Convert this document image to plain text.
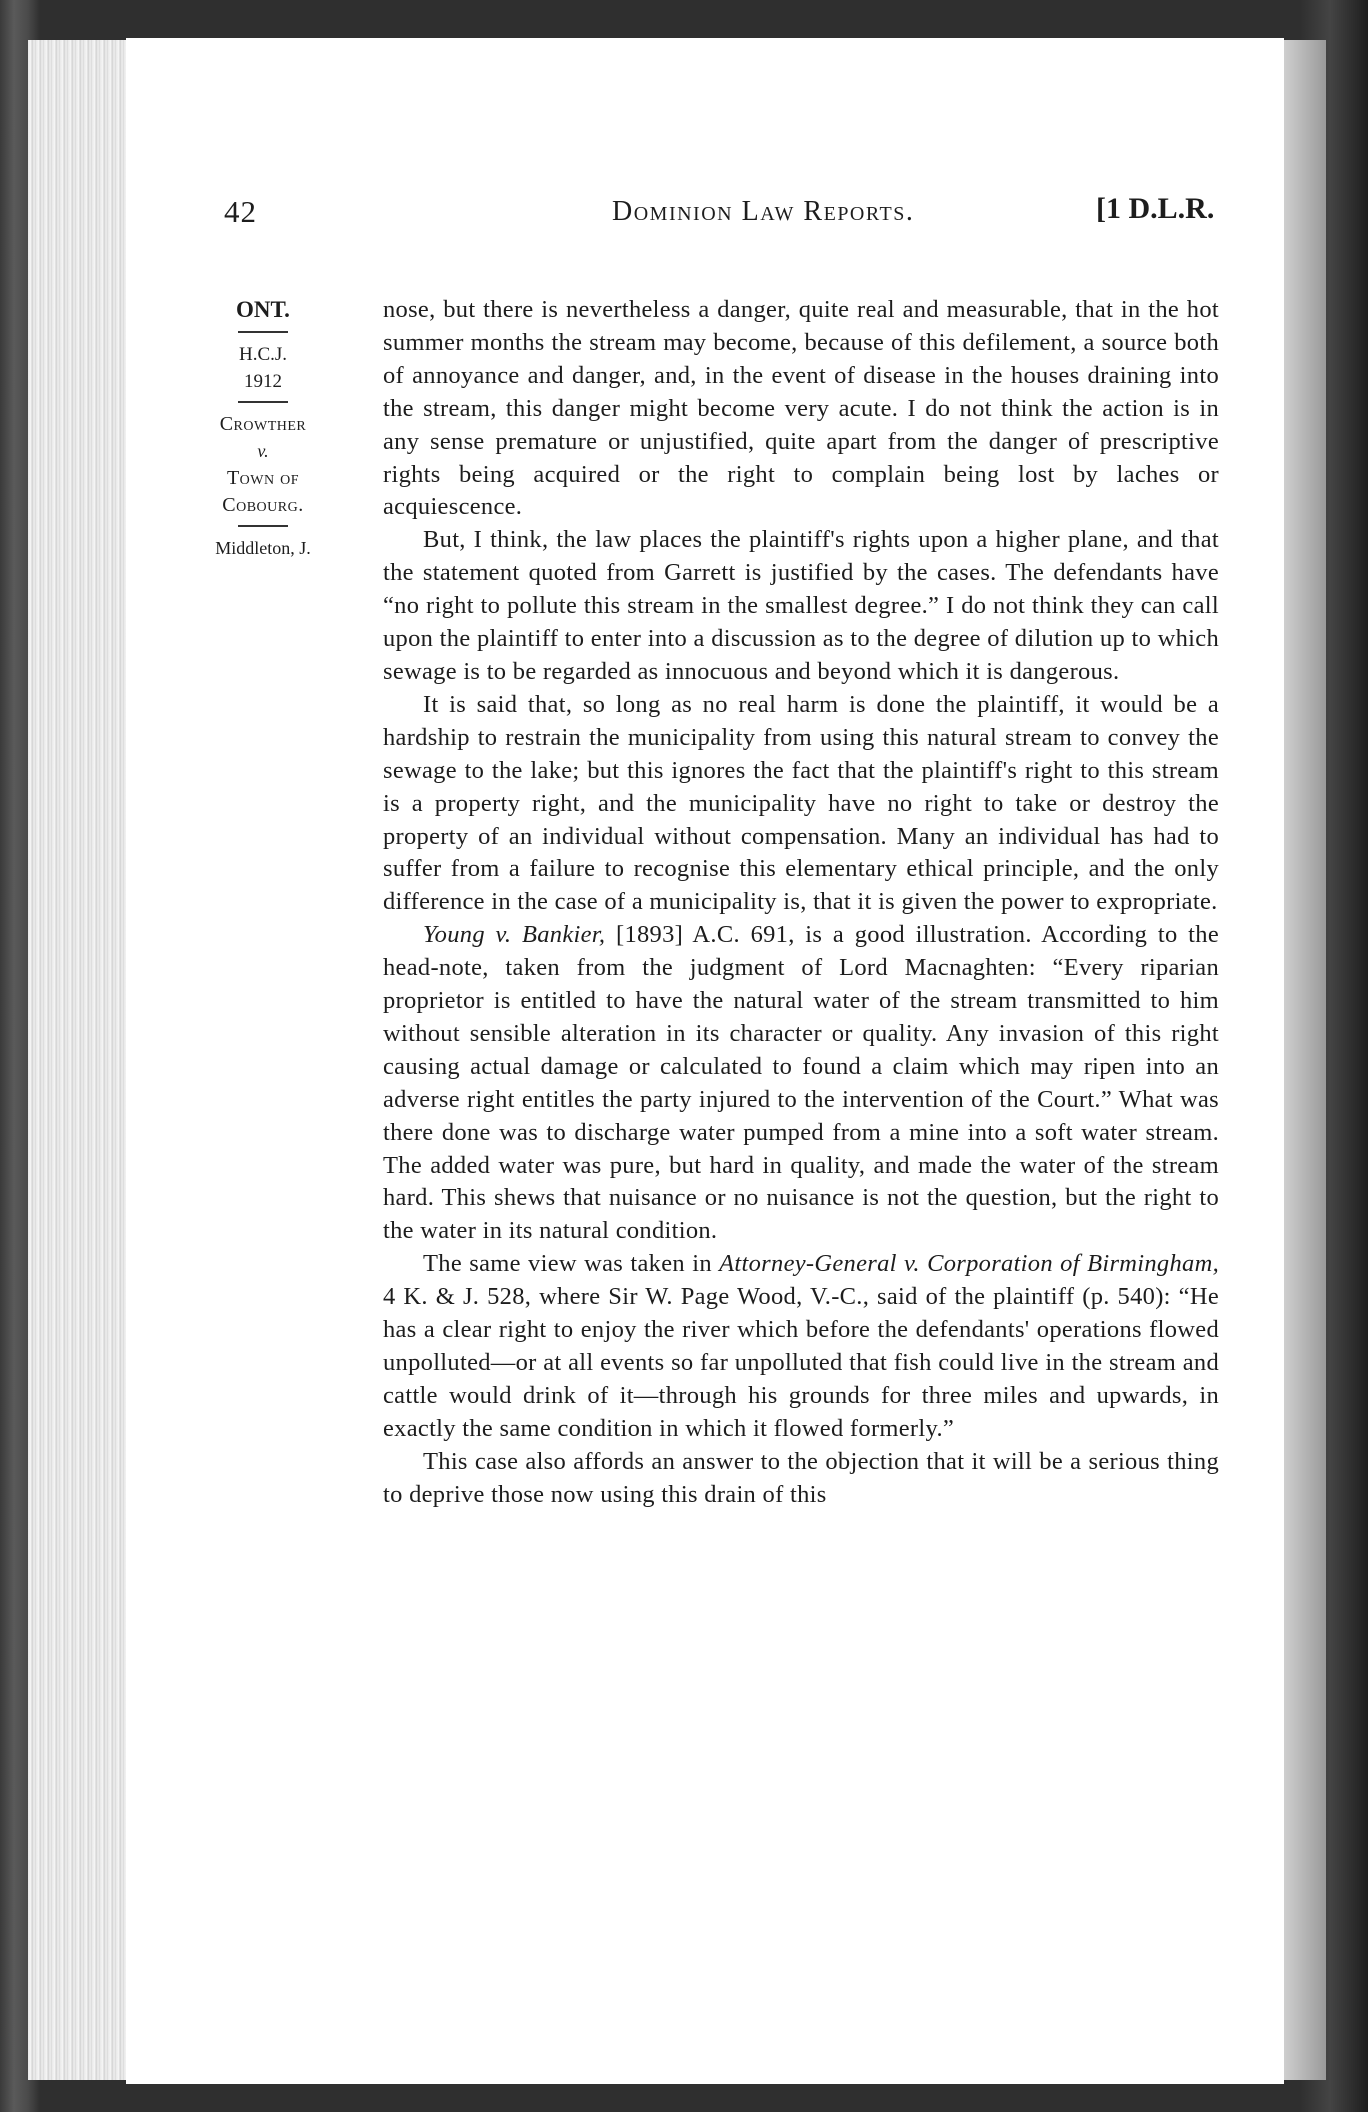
42	Dominion Law Reports.	[1 D.L.R.
ONT.
H.C.J.
1912
Crowther
v.
Town of
Cobourg.
Middleton, J.

nose, but there is nevertheless a danger, quite real and measurable, that in the hot summer months the stream may become, because of this defilement, a source both of annoyance and danger, and, in the event of disease in the houses draining into the stream, this danger might become very acute. I do not think the action is in any sense premature or unjustified, quite apart from the danger of prescriptive rights being acquired or the right to complain being lost by laches or acquiescence.

But, I think, the law places the plaintiff's rights upon a higher plane, and that the statement quoted from Garrett is justified by the cases. The defendants have “no right to pollute this stream in the smallest degree.” I do not think they can call upon the plaintiff to enter into a discussion as to the degree of dilution up to which sewage is to be regarded as innocuous and beyond which it is dangerous.

It is said that, so long as no real harm is done the plaintiff, it would be a hardship to restrain the municipality from using this natural stream to convey the sewage to the lake; but this ignores the fact that the plaintiff's right to this stream is a property right, and the municipality have no right to take or destroy the property of an individual without compensation. Many an individual has had to suffer from a failure to recognise this elementary ethical principle, and the only difference in the case of a municipality is, that it is given the power to expropriate.

Young v. Bankier, [1893] A.C. 691, is a good illustration. According to the head-note, taken from the judgment of Lord Macnaghten: “Every riparian proprietor is entitled to have the natural water of the stream transmitted to him without sensible alteration in its character or quality. Any invasion of this right causing actual damage or calculated to found a claim which may ripen into an adverse right entitles the party injured to the intervention of the Court.” What was there done was to discharge water pumped from a mine into a soft water stream. The added water was pure, but hard in quality, and made the water of the stream hard. This shews that nuisance or no nuisance is not the question, but the right to the water in its natural condition.

The same view was taken in Attorney-General v. Corporation of Birmingham, 4 K. & J. 528, where Sir W. Page Wood, V.-C., said of the plaintiff (p. 540): “He has a clear right to enjoy the river which before the defendants' operations flowed unpolluted—or at all events so far unpolluted that fish could live in the stream and cattle would drink of it—through his grounds for three miles and upwards, in exactly the same condition in which it flowed formerly.”

This case also affords an answer to the objection that it will be a serious thing to deprive those now using this drain of this
